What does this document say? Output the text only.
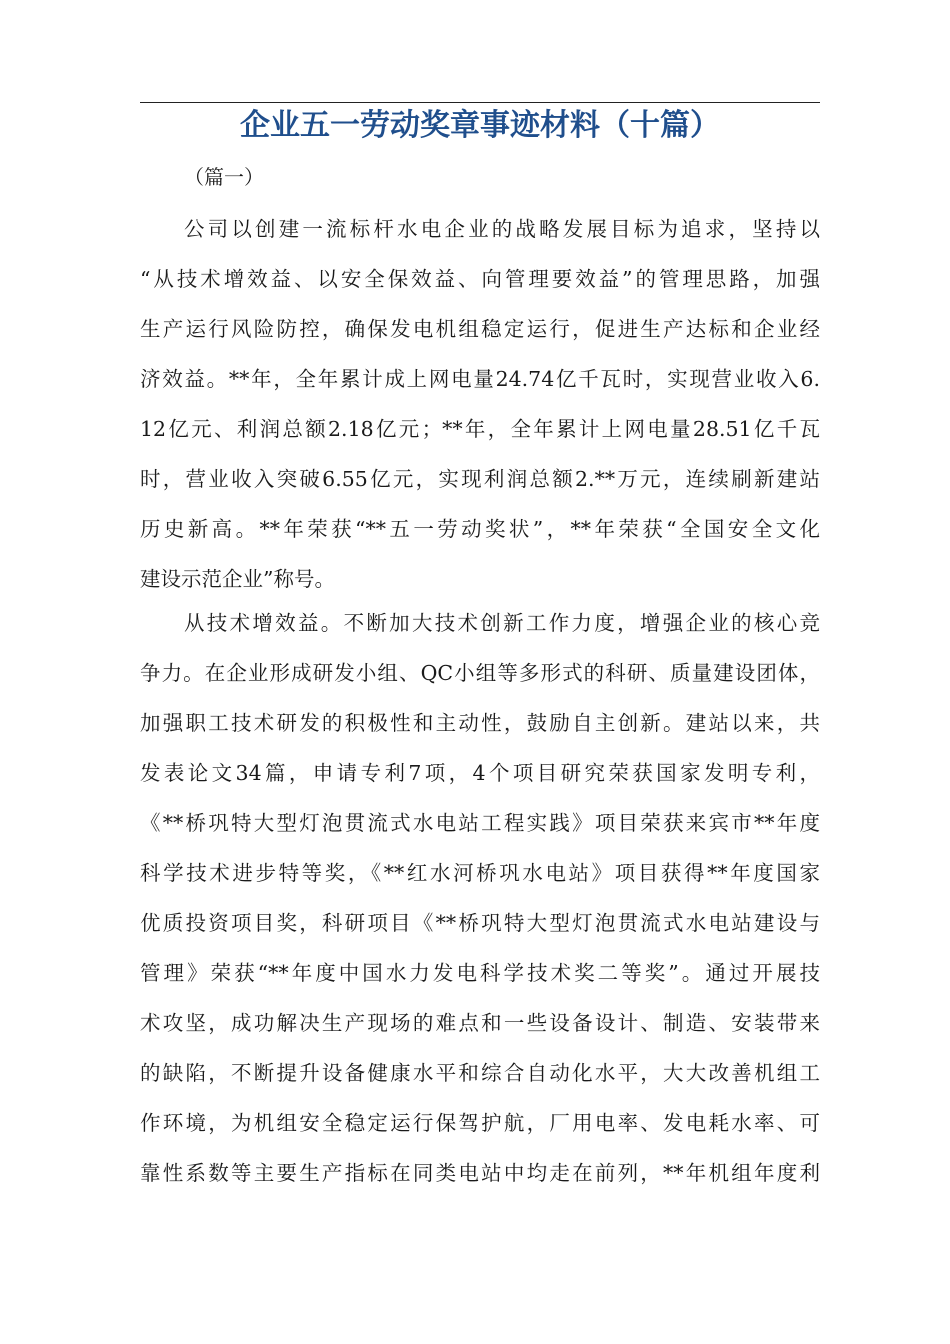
企业五一劳动奖章事迹材料（十篇）

（篇一）

公司以创建一流标杆水电企业的战略发展目标为追求，坚持以
“从技术增效益、以安全保效益、向管理要效益”的管理思路，加强
生产运行风险防控，确保发电机组稳定运行，促进生产达标和企业经
济效益。**年，全年累计成上网电量24.74亿千瓦时，实现营业收入6.
12亿元、利润总额2.18亿元；**年，全年累计上网电量28.51亿千瓦
时，营业收入突破6.55亿元，实现利润总额2.**万元，连续刷新建站
历史新高。**年荣获“**五一劳动奖状”，**年荣获“全国安全文化
建设示范企业”称号。
从技术增效益。不断加大技术创新工作力度，增强企业的核心竞
争力。在企业形成研发小组、QC小组等多形式的科研、质量建设团体，
加强职工技术研发的积极性和主动性，鼓励自主创新。建站以来，共
发表论文34篇，申请专利7项，4个项目研究荣获国家发明专利，
《**桥巩特大型灯泡贯流式水电站工程实践》项目荣获来宾市**年度
科学技术进步特等奖，《**红水河桥巩水电站》项目获得**年度国家
优质投资项目奖，科研项目《**桥巩特大型灯泡贯流式水电站建设与
管理》荣获“**年度中国水力发电科学技术奖二等奖”。通过开展技
术攻坚，成功解决生产现场的难点和一些设备设计、制造、安装带来
的缺陷，不断提升设备健康水平和综合自动化水平，大大改善机组工
作环境，为机组安全稳定运行保驾护航，厂用电率、发电耗水率、可
靠性系数等主要生产指标在同类电站中均走在前列，**年机组年度利
